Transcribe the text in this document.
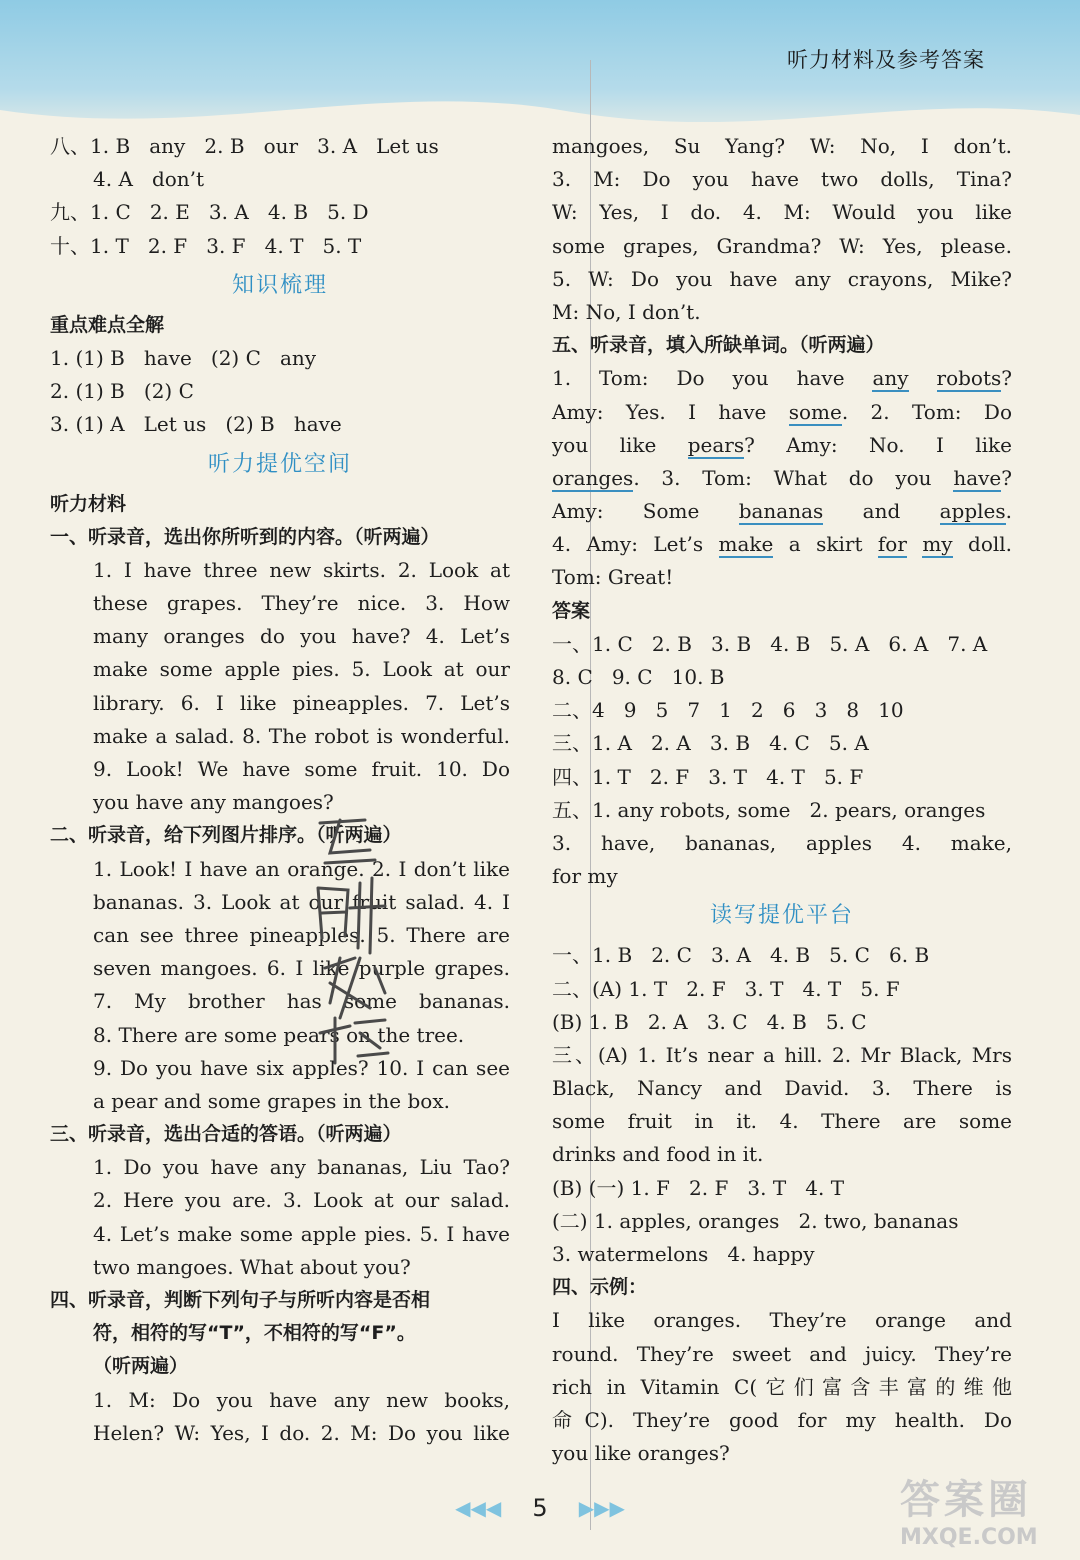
听力材料及参考答案
八、1. B   any   2. B   our   3. A   Let us
4. A   don’t
九、1. C   2. E   3. A   4. B   5. D
十、1. T   2. F   3. F   4. T   5. T
知识梳理
重点难点全解
1. (1) B   have   (2) C   any
2. (1) B   (2) C
3. (1) A   Let us   (2) B   have
听力提优空间
听力材料
一、听录音，选出你所听到的内容。（听两遍）
1. I have three new skirts. 2. Look at
these grapes. They’re nice. 3. How
many oranges do you have? 4. Let’s
make some apple pies. 5. Look at our
library. 6. I like pineapples. 7. Let’s
make a salad. 8. The robot is wonderful.
9. Look! We have some fruit. 10. Do
you have any mangoes?
二、听录音，给下列图片排序。（听两遍）
1. Look! I have an orange. 2. I don’t like
bananas. 3. Look at our fruit salad. 4. I
can see three pineapples. 5. There are
seven mangoes. 6. I like purple grapes.
7. My brother has some bananas.
8. There are some pears on the tree.
9. Do you have six apples? 10. I can see
a pear and some grapes in the box.
三、听录音，选出合适的答语。（听两遍）
1. Do you have any bananas, Liu Tao?
2. Here you are. 3. Look at our salad.
4. Let’s make some apple pies. 5. I have
two mangoes. What about you?
四、听录音，判断下列句子与所听内容是否相
符，相符的写“T”，不相符的写“F”。
（听两遍）
1. M: Do you have any new books,
Helen? W: Yes, I do. 2. M: Do you like
mangoes, Su Yang? W: No, I don’t.
3. M: Do you have two dolls, Tina?
W: Yes, I do. 4. M: Would you like
some grapes, Grandma? W: Yes, please.
5. W: Do you have any crayons, Mike?
M: No, I don’t.
五、听录音，填入所缺单词。（听两遍）
1. Tom: Do you have any robots?
Amy: Yes. I have some. 2. Tom: Do
you like pears? Amy: No. I like
oranges. 3. Tom: What do you have?
Amy: Some bananas and apples.
4. Amy: Let’s make a skirt for my doll.
Tom: Great!
答案
一、1. C   2. B   3. B   4. B   5. A   6. A   7. A
8. C   9. C   10. B
二、4   9   5   7   1   2   6   3   8   10
三、1. A   2. A   3. B   4. C   5. A
四、1. T   2. F   3. T   4. T   5. F
五、1. any robots, some   2. pears, oranges
3. have, bananas, apples 4. make,
for my
读写提优平台
一、1. B   2. C   3. A   4. B   5. C   6. B
二、(A) 1. T   2. F   3. T   4. T   5. F
(B) 1. B   2. A   3. C   4. B   5. C
三、(A) 1. It’s near a hill. 2. Mr Black, Mrs
Black, Nancy and David. 3. There is
some fruit in it. 4. There are some
drinks and food in it.
(B) (一) 1. F   2. F   3. T   4. T
(二) 1. apples, oranges   2. two, bananas
3. watermelons   4. happy
四、示例：
I like oranges. They’re orange and
round. They’re sweet and juicy. They’re
rich in Vitamin C(它们富含丰富的维他
命C). They’re good for my health. Do
you like oranges?
◀◀◀ 5 ▶▶▶	答案圈
MXQE.COM
